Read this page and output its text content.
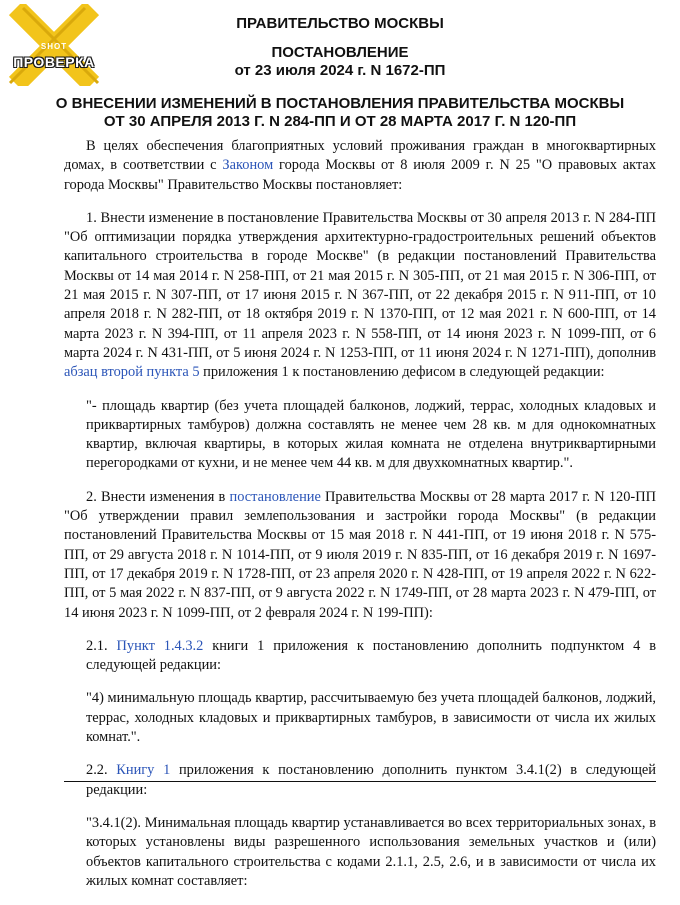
SHOT
ПРОВЕРКА
ПРАВИТЕЛЬСТВО МОСКВЫ
ПОСТАНОВЛЕНИЕ
от 23 июля 2024 г. N 1672-ПП
О ВНЕСЕНИИ ИЗМЕНЕНИЙ В ПОСТАНОВЛЕНИЯ ПРАВИТЕЛЬСТВА МОСКВЫ
ОТ 30 АПРЕЛЯ 2013 Г. N 284-ПП И ОТ 28 МАРТА 2017 Г. N 120-ПП

В целях обеспечения благоприятных условий проживания граждан в многоквартирных домах, в соответствии с Законом города Москвы от 8 июля 2009 г. N 25 "О правовых актах города Москвы" Правительство Москвы постановляет:

1. Внести изменение в постановление Правительства Москвы от 30 апреля 2013 г. N 284-ПП "Об оптимизации порядка утверждения архитектурно-градостроительных решений объектов капитального строительства в городе Москве" (в редакции постановлений Правительства Москвы от 14 мая 2014 г. N 258-ПП, от 21 мая 2015 г. N 305-ПП, от 21 мая 2015 г. N 306-ПП, от 21 мая 2015 г. N 307-ПП, от 17 июня 2015 г. N 367-ПП, от 22 декабря 2015 г. N 911-ПП, от 10 апреля 2018 г. N 282-ПП, от 18 октября 2019 г. N 1370-ПП, от 12 мая 2021 г. N 600-ПП, от 14 марта 2023 г. N 394-ПП, от 11 апреля 2023 г. N 558-ПП, от 14 июня 2023 г. N 1099-ПП, от 6 марта 2024 г. N 431-ПП, от 5 июня 2024 г. N 1253-ПП, от 11 июня 2024 г. N 1271-ПП), дополнив абзац второй пункта 5 приложения 1 к постановлению дефисом в следующей редакции:

"- площадь квартир (без учета площадей балконов, лоджий, террас, холодных кладовых и приквартирных тамбуров) должна составлять не менее чем 28 кв. м для однокомнатных квартир, включая квартиры, в которых жилая комната не отделена внутриквартирными перегородками от кухни, и не менее чем 44 кв. м для двухкомнатных квартир.".

2. Внести изменения в постановление Правительства Москвы от 28 марта 2017 г. N 120-ПП "Об утверждении правил землепользования и застройки города Москвы" (в редакции постановлений Правительства Москвы от 15 мая 2018 г. N 441-ПП, от 19 июня 2018 г. N 575-ПП, от 29 августа 2018 г. N 1014-ПП, от 9 июля 2019 г. N 835-ПП, от 16 декабря 2019 г. N 1697-ПП, от 17 декабря 2019 г. N 1728-ПП, от 23 апреля 2020 г. N 428-ПП, от 19 апреля 2022 г. N 622-ПП, от 5 мая 2022 г. N 837-ПП, от 9 августа 2022 г. N 1749-ПП, от 28 марта 2023 г. N 479-ПП, от 14 июня 2023 г. N 1099-ПП, от 2 февраля 2024 г. N 199-ПП):

2.1. Пункт 1.4.3.2 книги 1 приложения к постановлению дополнить подпунктом 4 в следующей редакции:

"4) минимальную площадь квартир, рассчитываемую без учета площадей балконов, лоджий, террас, холодных кладовых и приквартирных тамбуров, в зависимости от числа их жилых комнат.".

2.2. Книгу 1 приложения к постановлению дополнить пунктом 3.4.1(2) в следующей редакции:

"3.4.1(2). Минимальная площадь квартир устанавливается во всех территориальных зонах, в которых установлены виды разрешенного использования земельных участков и (или) объектов капитального строительства с кодами 2.1.1, 2.5, 2.6, и в зависимости от числа их жилых комнат составляет:
